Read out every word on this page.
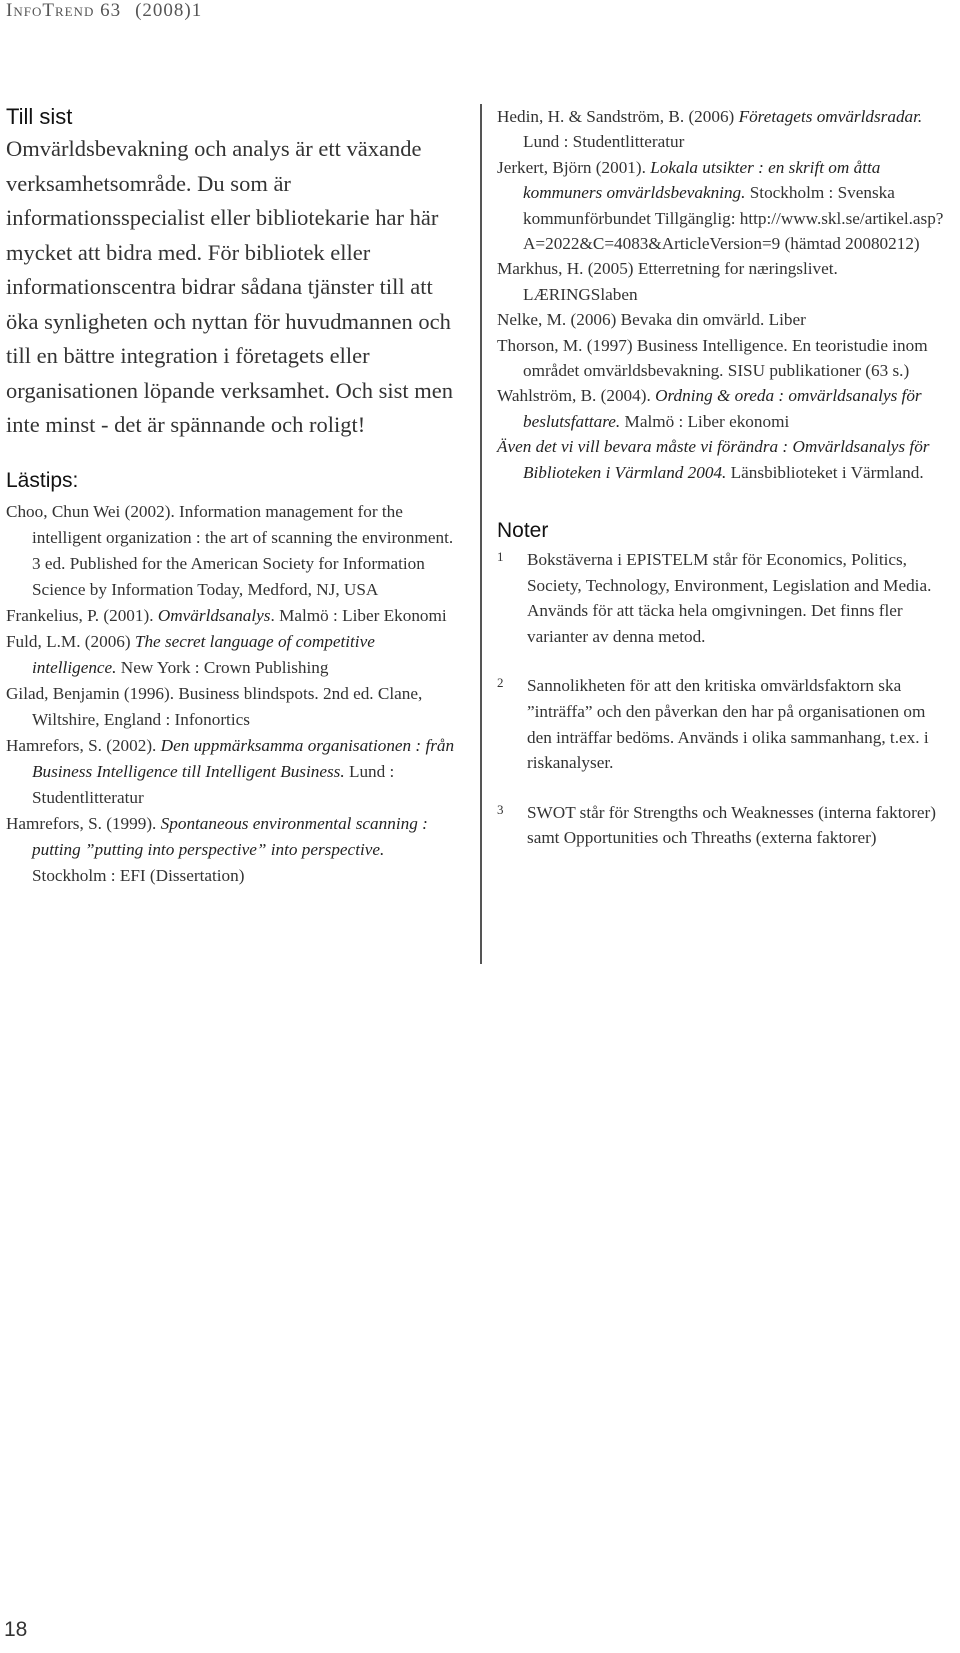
InfoTrend 63 (2008)1
Till sist

Omvärldsbevakning och analys är ett växande verksamhetsområde. Du som är informationsspecialist eller bibliotekarie har här mycket att bidra med. För bibliotek eller informationscentra bidrar sådana tjänster till att öka synligheten och nyttan för huvudmannen och till en bättre integration i företagets eller organisationen löpande verksamhet. Och sist men inte minst - det är spännande och roligt!

Lästips:
Choo, Chun Wei (2002). Information management for the intelligent organization : the art of scanning the environment. 3 ed. Published for the American Society for Information Science by Information Today, Medford, NJ, USA
Frankelius, P. (2001). Omvärldsanalys. Malmö : Liber Ekonomi
Fuld, L.M. (2006) The secret language of competitive intelligence. New York : Crown Publishing
Gilad, Benjamin (1996). Business blindspots. 2nd ed. Clane, Wiltshire, England : Infonortics
Hamrefors, S. (2002). Den uppmärksamma organisationen : från Business Intelligence till Intelligent Business. Lund : Studentlitteratur
Hamrefors, S. (1999). Spontaneous environmental scanning : putting ”putting into perspective” into perspective. Stockholm : EFI (Dissertation)
Hedin, H. & Sandström, B. (2006) Företagets omvärldsradar. Lund : Studentlitteratur
Jerkert, Björn (2001). Lokala utsikter : en skrift om åtta kommuners omvärldsbevakning. Stockholm : Svenska kommunförbundet Tillgänglig: http://www.skl.se/artikel.asp?A=2022&C=4083&ArticleVersion=9 (hämtad 20080212)
Markhus, H. (2005) Etterretning for næringslivet. LÆRINGSlaben
Nelke, M. (2006) Bevaka din omvärld. Liber
Thorson, M. (1997) Business Intelligence. En teoristudie inom området omvärldsbevakning. SISU publikationer (63 s.)
Wahlström, B. (2004). Ordning & oreda : omvärldsanalys för beslutsfattare. Malmö : Liber ekonomi
Även det vi vill bevara måste vi förändra : Omvärldsanalys för Biblioteken i Värmland 2004. Länsbiblioteket i Värmland.
Noter

1 Bokstäverna i EPISTELM står för Economics, Politics, Society, Technology, Environment, Legislation and Media. Används för att täcka hela omgivningen. Det finns fler varianter av denna metod.

2 Sannolikheten för att den kritiska omvärldsfaktorn ska ”inträffa” och den påverkan den har på organisationen om den inträffar bedöms. Används i olika sammanhang, t.ex. i riskanalyser.

3 SWOT står för Strengths och Weaknesses (interna faktorer) samt Opportunities och Threaths (externa faktorer)

18
